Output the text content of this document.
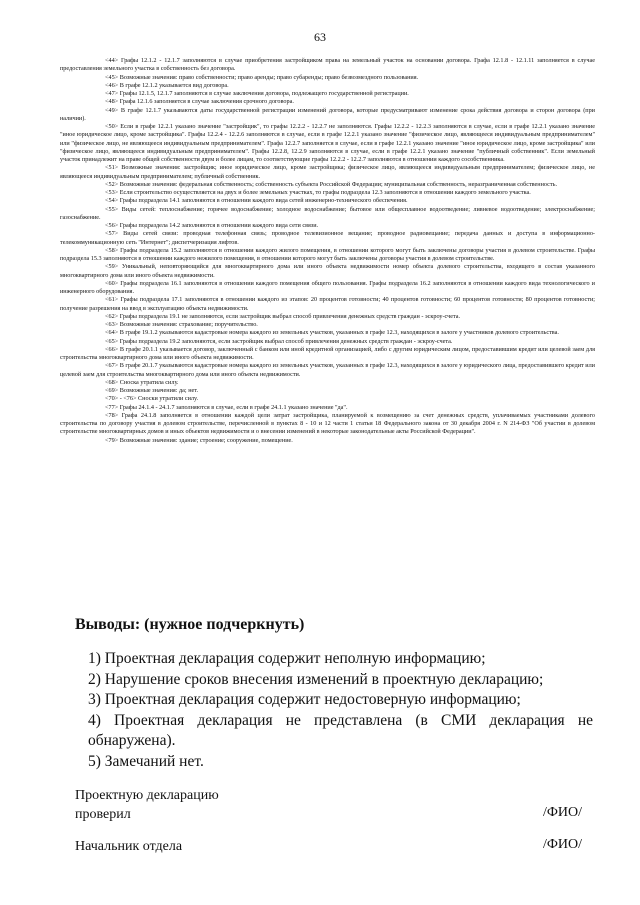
63

<44> Графы 12.1.2 - 12.1.7 заполняются в случае приобретения застройщиком права на земельный участок на основании договора. Графа 12.1.8 - 12.1.11 заполняется в случае предоставления земельного участка в собственность без договора.

<45> Возможные значения: право собственности; право аренды; право субаренды; право безвозмездного пользования.

<46> В графе 12.1.2 указывается вид договора.

<47> Графы 12.1.5, 12.1.7 заполняются в случае заключения договора, подлежащего государственной регистрации.

<48> Графа 12.1.6 заполняется в случае заключения срочного договора.

<49> В графе 12.1.7 указываются даты государственной регистрации изменений договора, которые предусматривают изменение срока действия договора и сторон договора (при наличии).

<50> Если в графе 12.2.1 указано значение "застройщик", то графы 12.2.2 - 12.2.7 не заполняются. Графы 12.2.2 - 12.2.3 заполняются в случае, если в графе 12.2.1 указано значение "иное юридическое лицо, кроме застройщика". Графы 12.2.4 - 12.2.6 заполняются в случае, если в графе 12.2.1 указано значение "физическое лицо, являющееся индивидуальным предпринимателем" или "физическое лицо, не являющееся индивидуальным предпринимателем". Графа 12.2.7 заполняется в случае, если в графе 12.2.1 указано значение "иное юридическое лицо, кроме застройщика" или "физическое лицо, являющееся индивидуальным предпринимателем". Графы 12.2.8, 12.2.9 заполняются в случае, если в графе 12.2.1 указано значение "публичный собственник". Если земельный участок принадлежит на праве общей собственности двум и более лицам, то соответствующие графы 12.2.2 - 12.2.7 заполняются в отношении каждого сособственника.

<51> Возможные значения: застройщик; иное юридическое лицо, кроме застройщика; физическое лицо, являющееся индивидуальным предпринимателем; физическое лицо, не являющееся индивидуальным предпринимателем; публичный собственник.

<52> Возможные значения: федеральная собственность; собственность субъекта Российской Федерации; муниципальная собственность, неразграниченная собственность.

<53> Если строительство осуществляется на двух и более земельных участках, то графы подраздела 12.3 заполняются в отношении каждого земельного участка.

<54> Графы подраздела 14.1 заполняются в отношении каждого вида сетей инженерно-технического обеспечения.

<55> Виды сетей: теплоснабжение; горячее водоснабжение; холодное водоснабжение; бытовое или общесплавное водоотведение; ливневое водоотведение; электроснабжение; газоснабжение.

<56> Графы подраздела 14.2 заполняются в отношении каждого вида сети связи.

<57> Виды сетей связи: проводная телефонная связь; проводное телевизионное вещание; проводное радиовещание; передача данных и доступа в информационно-телекоммуникационную сеть "Интернет"; диспетчеризация лифтов.

<58> Графы подраздела 15.2 заполняются в отношении каждого жилого помещения, в отношении которого могут быть заключены договоры участия в долевом строительстве. Графы подраздела 15.3 заполняются в отношении каждого нежилого помещения, в отношении которого могут быть заключены договоры участия в долевом строительстве.

<59> Уникальный, неповторяющийся для многоквартирного дома или иного объекта недвижимости номер объекта долевого строительства, входящего в состав указанного многоквартирного дома или иного объекта недвижимости.

<60> Графы подраздела 16.1 заполняются в отношении каждого помещения общего пользования. Графы подраздела 16.2 заполняются в отношении каждого вида технологического и инженерного оборудования.

<61> Графы подраздела 17.1 заполняются в отношении каждого из этапов: 20 процентов готовности; 40 процентов готовности; 60 процентов готовности; 80 процентов готовности; получение разрешения на ввод в эксплуатацию объекта недвижимости.

<62> Графы подраздела 19.1 не заполняются, если застройщик выбрал способ привлечения денежных средств граждан - эскроу-счета.

<63> Возможные значения: страхование; поручительство.

<64> В графе 19.1.2 указываются кадастровые номера каждого из земельных участков, указанных в графе 12.3, находящихся в залоге у участников долевого строительства.

<65> Графы подраздела 19.2 заполняются, если застройщик выбрал способ привлечения денежных средств граждан - эскроу-счета.

<66> В графе 20.1.1 указывается договор, заключенный с банком или иной кредитной организацией, либо с другим юридическим лицом, предоставившим кредит или целевой заем для строительства многоквартирного дома или иного объекта недвижимости.

<67> В графе 20.1.7 указываются кадастровые номера каждого из земельных участков, указанных в графе 12.3, находящихся в залоге у юридического лица, предоставившего кредит или целевой заем для строительства многоквартирного дома или иного объекта недвижимости.

<68> Сноска утратила силу.

<69> Возможные значения: да; нет.

<70> - <76> Сноски утратили силу.

<77> Графы 24.1.4 - 24.1.7 заполняются в случае, если в графе 24.1.1 указано значение "да".

<78> Графа 24.1.8 заполняется в отношении каждой цели затрат застройщика, планируемой к возмещению за счет денежных средств, уплачиваемых участниками долевого строительства по договору участия в долевом строительстве, перечисленной в пунктах 8 - 10 и 12 части 1 статьи 18 Федерального закона от 30 декабря 2004 г. N 214-ФЗ "Об участии в долевом строительстве многоквартирных домов и иных объектов недвижимости и о внесении изменений в некоторые законодательные акты Российской Федерации".

<79> Возможные значения: здание; строение; сооружение, помещение.

Выводы: (нужное подчеркнуть)
1) Проектная декларация содержит неполную информацию;
2) Нарушение сроков внесения изменений в проектную декларацию;
3) Проектная декларация содержит недостоверную информацию;
4) Проектная декларация не представлена (в СМИ декларация не обнаружена).
5) Замечаний нет.
Проектную декларацию
проверил	/ФИО/
Начальник отдела	/ФИО/
